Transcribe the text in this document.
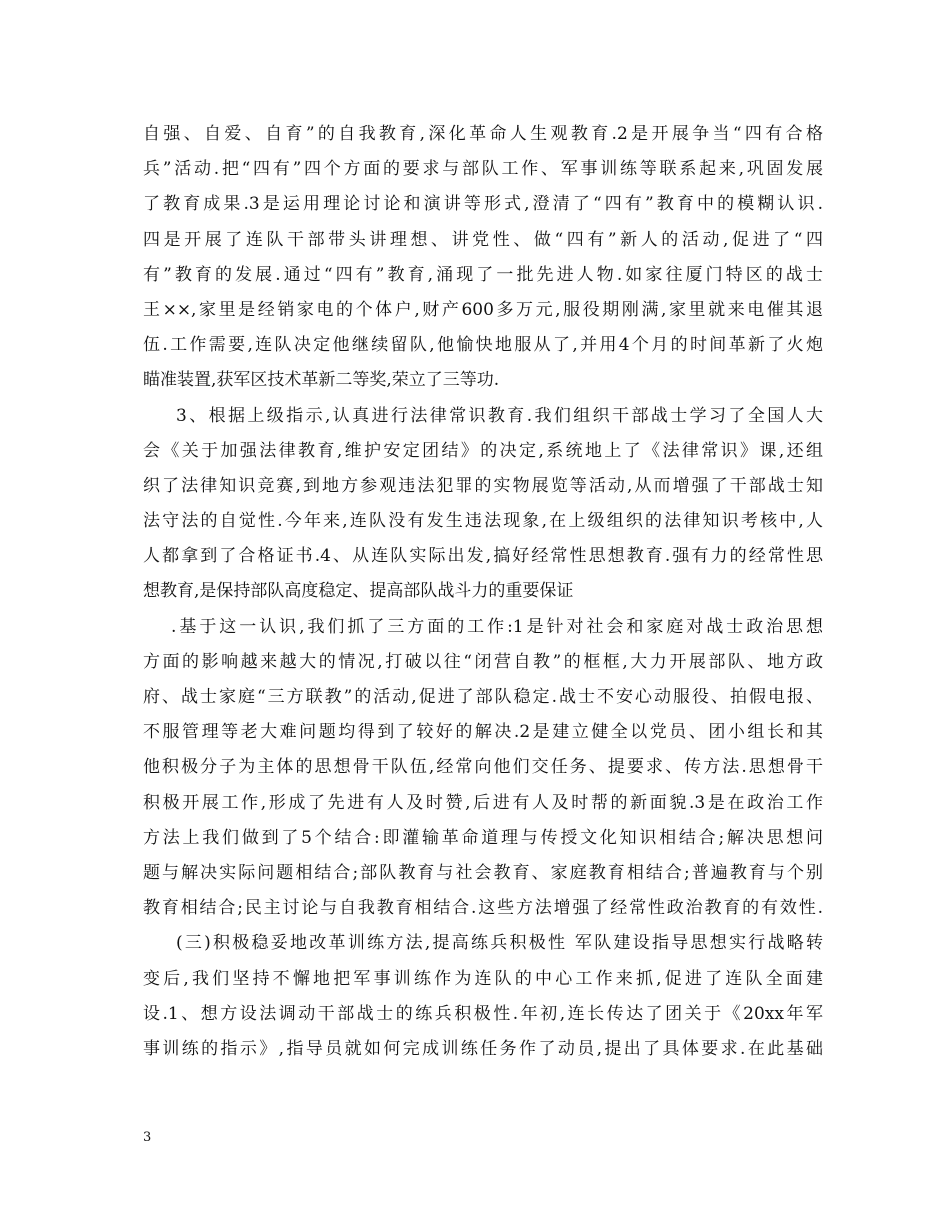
自强、自爱、自育”的自我教育,深化革命人生观教育.2是开展争当“四有合格
兵”活动.把“四有”四个方面的要求与部队工作、军事训练等联系起来,巩固发展
了教育成果.3是运用理论讨论和演讲等形式,澄清了“四有”教育中的模糊认识.
四是开展了连队干部带头讲理想、讲党性、做“四有”新人的活动,促进了“四
有”教育的发展.通过“四有”教育,涌现了一批先进人物.如家往厦门特区的战士
王××,家里是经销家电的个体户,财产600多万元,服役期刚满,家里就来电催其退
伍.工作需要,连队决定他继续留队,他愉快地服从了,并用4个月的时间革新了火炮
瞄准装置,获军区技术革新二等奖,荣立了三等功.
3、根据上级指示,认真进行法律常识教育.我们组织干部战士学习了全国人大
会《关于加强法律教育,维护安定团结》的决定,系统地上了《法律常识》课,还组
织了法律知识竞赛,到地方参观违法犯罪的实物展览等活动,从而增强了干部战士知
法守法的自觉性.今年来,连队没有发生违法现象,在上级组织的法律知识考核中,人
人都拿到了合格证书.4、从连队实际出发,搞好经常性思想教育.强有力的经常性思
想教育,是保持部队高度稳定、提高部队战斗力的重要保证
.基于这一认识,我们抓了三方面的工作:1是针对社会和家庭对战士政治思想
方面的影响越来越大的情况,打破以往“闭营自教”的框框,大力开展部队、地方政
府、战士家庭“三方联教”的活动,促进了部队稳定.战士不安心动服役、拍假电报、
不服管理等老大难问题均得到了较好的解决.2是建立健全以党员、团小组长和其
他积极分子为主体的思想骨干队伍,经常向他们交任务、提要求、传方法.思想骨干
积极开展工作,形成了先进有人及时赞,后进有人及时帮的新面貌.3是在政治工作
方法上我们做到了5个结合:即灌输革命道理与传授文化知识相结合;解决思想问
题与解决实际问题相结合;部队教育与社会教育、家庭教育相结合;普遍教育与个别
教育相结合;民主讨论与自我教育相结合.这些方法增强了经常性政治教育的有效性.
(三)积极稳妥地改革训练方法,提高练兵积极性 军队建设指导思想实行战略转
变后,我们坚持不懈地把军事训练作为连队的中心工作来抓,促进了连队全面建
设.1、想方设法调动干部战士的练兵积极性.年初,连长传达了团关于《20xx年军
事训练的指示》,指导员就如何完成训练任务作了动员,提出了具体要求.在此基础
3
